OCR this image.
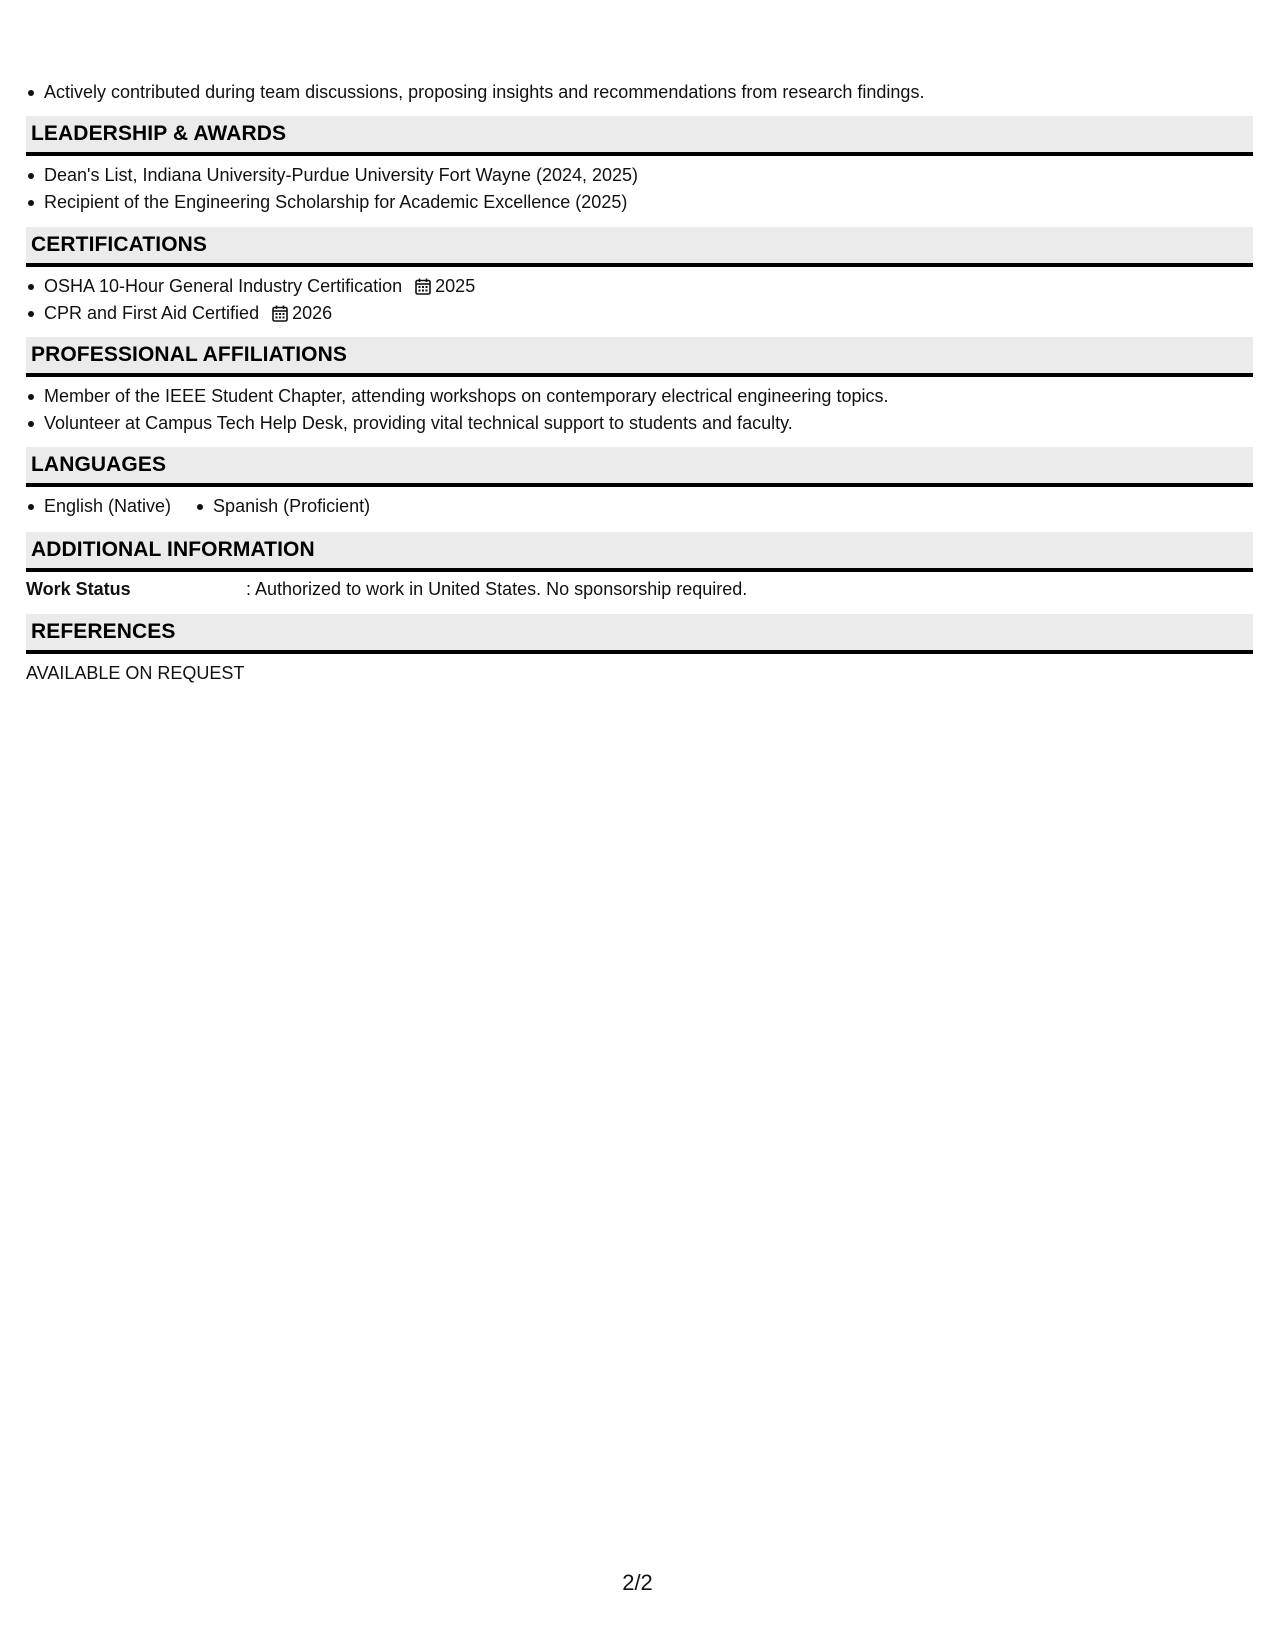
Actively contributed during team discussions, proposing insights and recommendations from research findings.
LEADERSHIP & AWARDS
Dean's List, Indiana University-Purdue University Fort Wayne (2024, 2025)
Recipient of the Engineering Scholarship for Academic Excellence (2025)
CERTIFICATIONS
OSHA 10-Hour General Industry Certification 2025
CPR and First Aid Certified 2026
PROFESSIONAL AFFILIATIONS
Member of the IEEE Student Chapter, attending workshops on contemporary electrical engineering topics.
Volunteer at Campus Tech Help Desk, providing vital technical support to students and faculty.
LANGUAGES
English (Native)	Spanish (Proficient)
ADDITIONAL INFORMATION
Work Status	: Authorized to work in United States. No sponsorship required.
REFERENCES
AVAILABLE ON REQUEST
2/2
